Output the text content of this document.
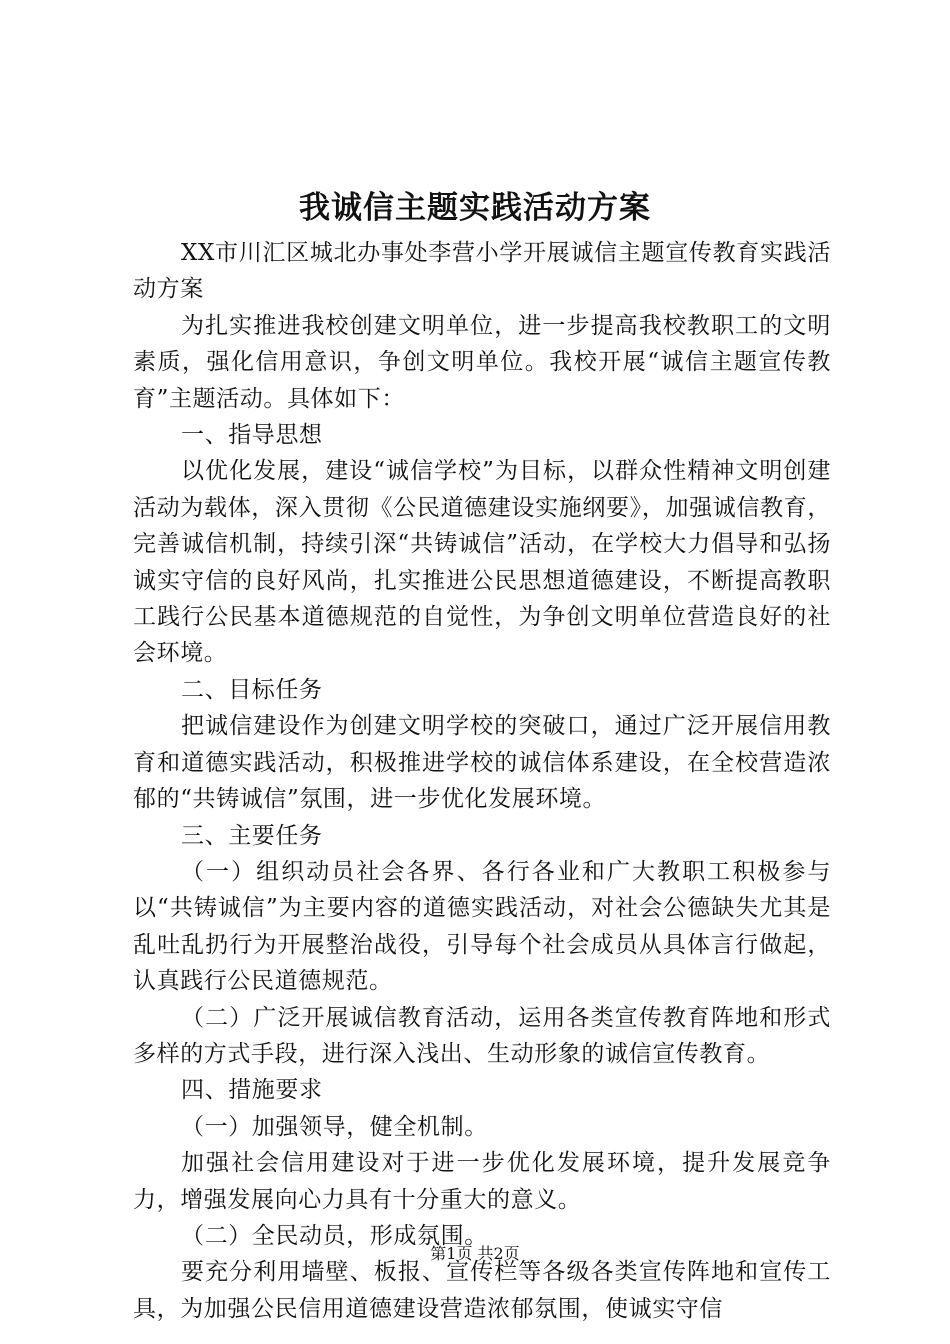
我诚信主题实践活动方案

XX市川汇区城北办事处李营小学开展诚信主题宣传教育实践活动方案

为扎实推进我校创建文明单位，进一步提高我校教职工的文明素质，强化信用意识，争创文明单位。我校开展“诚信主题宣传教育”主题活动。具体如下：

一、指导思想

以优化发展，建设“诚信学校”为目标，以群众性精神文明创建活动为载体，深入贯彻《公民道德建设实施纲要》，加强诚信教育，完善诚信机制，持续引深“共铸诚信”活动，在学校大力倡导和弘扬诚实守信的良好风尚，扎实推进公民思想道德建设，不断提高教职工践行公民基本道德规范的自觉性，为争创文明单位营造良好的社会环境。

二、目标任务

把诚信建设作为创建文明学校的突破口，通过广泛开展信用教育和道德实践活动，积极推进学校的诚信体系建设，在全校营造浓郁的“共铸诚信”氛围，进一步优化发展环境。

三、主要任务

（一）组织动员社会各界、各行各业和广大教职工积极参与以“共铸诚信”为主要内容的道德实践活动，对社会公德缺失尤其是乱吐乱扔行为开展整治战役，引导每个社会成员从具体言行做起，认真践行公民道德规范。

（二）广泛开展诚信教育活动，运用各类宣传教育阵地和形式多样的方式手段，进行深入浅出、生动形象的诚信宣传教育。

四、措施要求

（一）加强领导，健全机制。

加强社会信用建设对于进一步优化发展环境，提升发展竞争力，增强发展向心力具有十分重大的意义。

（二）全民动员，形成氛围。

要充分利用墙壁、板报、宣传栏等各级各类宣传阵地和宣传工具，为加强公民信用道德建设营造浓郁氛围，使诚实守信

第1页 共2页
